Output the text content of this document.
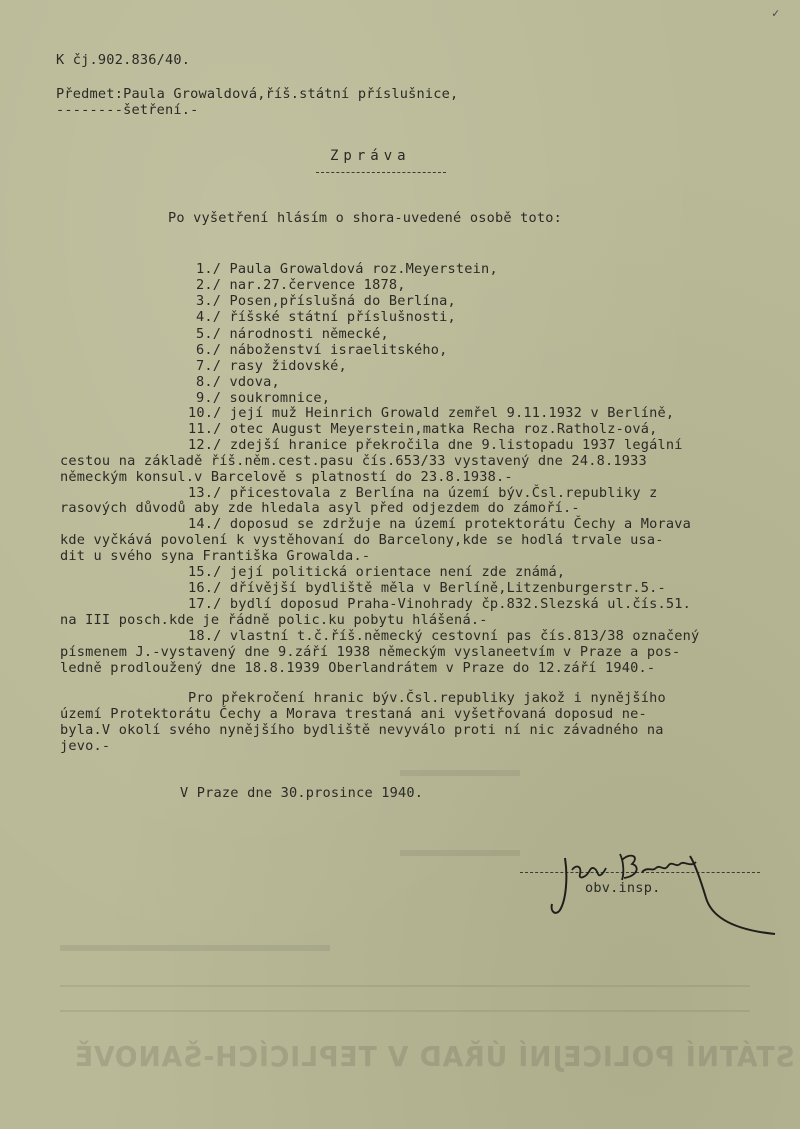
✓
STÁTNÍ POLICEJNÍ ÚŘAD V TEPLICÍCH-ŠANOVĚ
K čj.902.836/40.
Předmet:Paula Growaldová,říš.státní příslušnice,
--------šetření.-
Zpráva
Po vyšetření hlásím o shora-uvedené osobě toto:
1./ Paula Growaldová roz.Meyerstein,
2./ nar.27.července 1878,
3./ Posen,příslušná do Berlína,
4./ říšské státní příslušnosti,
5./ národnosti německé,
6./ náboženství israelitského,
7./ rasy židovské,
8./ vdova,
9./ soukromnice,
10./ její muž Heinrich Growald zemřel 9.11.1932 v Berlíně,
11./ otec August Meyerstein,matka Recha roz.Ratholz-ová,
12./ zdejší hranice překročila dne 9.listopadu 1937 legální
cestou na základě říš.něm.cest.pasu čís.653/33 vystavený dne 24.8.1933
německým konsul.v Barcelově s platností do 23.8.1938.-
13./ přicestovala z Berlína na území býv.Čsl.republiky z
rasových důvodů aby zde hledala asyl před odjezdem do zámoří.-
14./ doposud se zdržuje na území protektorátu Čechy a Morava
kde vyčkává povolení k vystěhovaní do Barcelony,kde se hodlá trvale usa-
dit u svého syna Františka Growalda.-
15./ její politická orientace není zde známá,
16./ dřívější bydliště měla v Berlíně,Litzenburgerstr.5.-
17./ bydlí doposud Praha-Vinohrady čp.832.Slezská ul.čís.51.
na III posch.kde je řádně polic.ku pobytu hlášená.-
18./ vlastní t.č.říš.německý cestovní pas čís.813/38 označený
písmenem J.-vystavený dne 9.září 1938 německým vyslaneetvím v Praze a pos-
ledně prodloužený dne 18.8.1939 Oberlandrátem v Praze do 12.září 1940.-
Pro překročení hranic býv.Čsl.republiky jakož i nynějšího
území Protektorátu Čechy a Morava trestaná ani vyšetřovaná doposud ne-
byla.V okolí svého nynějšího bydliště nevyválo proti ní nic závadného na
jevo.-
V Praze dne 30.prosince 1940.
obv.insp.
